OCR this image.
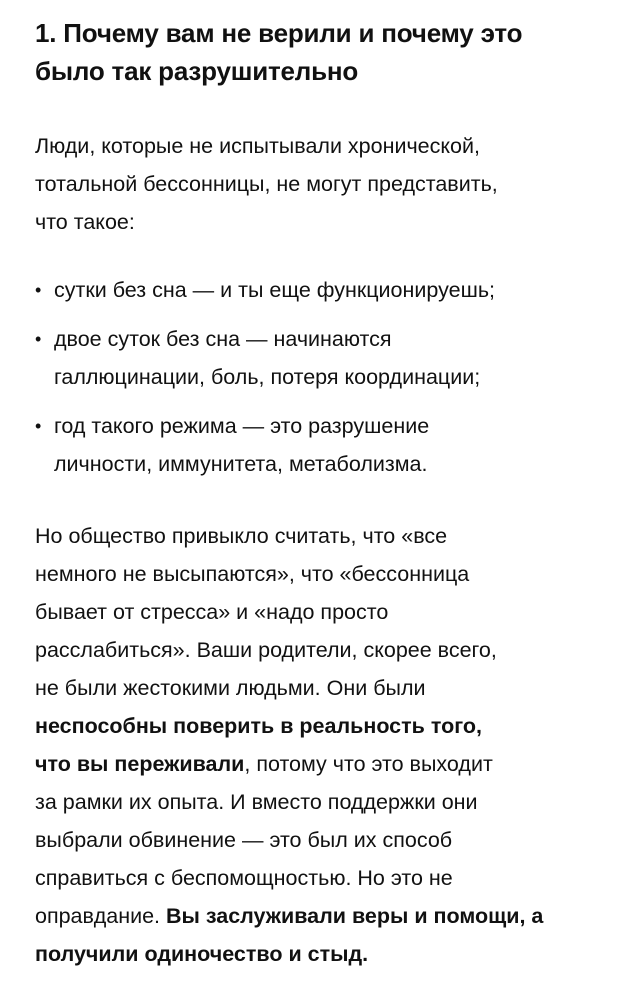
1. Почему вам не верили и почему это
было так разрушительно

Люди, которые не испытывали хронической,
тотальной бессонницы, не могут представить,
что такое:

• сутки без сна — и ты еще функционируешь;
• двое суток без сна — начинаются
галлюцинации, боль, потеря координации;
• год такого режима — это разрушение
личности, иммунитета, метаболизма.

Но общество привыкло считать, что «все
немного не высыпаются», что «бессонница
бывает от стресса» и «надо просто
расслабиться». Ваши родители, скорее всего,
не были жестокими людьми. Они были
неспособны поверить в реальность того,
что вы переживали, потому что это выходит
за рамки их опыта. И вместо поддержки они
выбрали обвинение — это был их способ
справиться с беспомощностью. Но это не
оправдание. Вы заслуживали веры и помощи, а
получили одиночество и стыд.
